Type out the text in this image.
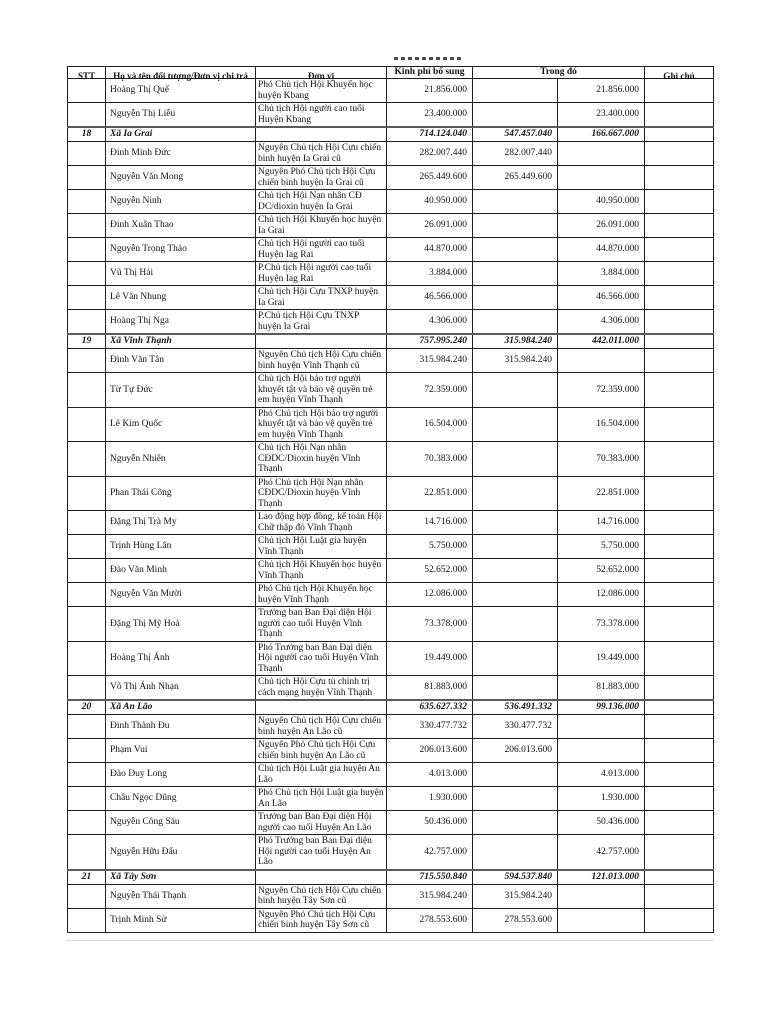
STT	Họ và tên đối tượng/Đơn vị chi trả	Đơn vị	Kinh phí bổ sung	Trong đó		Ghi chú

	Hoàng Thị Quế	Phó Chủ tịch Hội Khuyến học huyện Kbang	21.856.000		21.856.000	
	Nguyễn Thị Liễu	Chủ tịch Hội người cao tuổi Huyện Kbang	23.400.000		23.400.000	
18	Xã Ia Grai		714.124.040	547.457.040	166.667.000	
	Đinh Minh Đức	Nguyên Chủ tịch Hội Cựu chiến binh huyện Ia Grai cũ	282.007.440	282.007.440		
	Nguyễn Văn Mong	Nguyên Phó Chủ tịch Hội Cựu chiến binh huyện Ia Grai cũ	265.449.600	265.449.600		
	Nguyễn Ninh	Chủ tịch Hội Nạn nhân CĐ DC/dioxin huyện Ia Grai	40.950.000		40.950.000	
	Đinh Xuân Thao	Chủ tịch Hội Khuyến học huyện Ia Grai	26.091.000		26.091.000	
	Nguyễn Trọng Thảo	Chủ tịch Hội người cao tuổi Huyện Iag Rai	44.870.000		44.870.000	
	Vũ Thị Hải	P.Chủ tịch Hội người cao tuổi Huyện Iag Rai	3.884.000		3.884.000	
	Lê Văn Nhung	Chủ tịch Hội Cựu TNXP huyện Ia Grai	46.566.000		46.566.000	
	Hoàng Thị Nga	P.Chủ tịch Hội Cựu TNXP huyện Ia Grai	4.306.000		4.306.000	
19	Xã Vĩnh Thạnh		757.995.240	315.984.240	442.011.000	
	Đinh Văn Tân	Nguyên Chủ tịch Hội Cựu chiến binh huyện Vĩnh Thạnh cũ	315.984.240	315.984.240		
	Từ Tự Đức	Chủ tịch Hội bảo trợ người khuyết tật và bảo vệ quyền trẻ em huyện Vĩnh Thạnh	72.359.000		72.359.000	
	Lê Kim Quốc	Phó Chủ tịch Hội bảo trợ người khuyết tật và bảo vệ quyền trẻ em huyện Vĩnh Thạnh	16.504.000		16.504.000	
	Nguyễn Nhiên	Chủ tịch Hội Nạn nhân CĐDC/Dioxin huyện Vĩnh Thạnh	70.383.000		70.383.000	
	Phan Thái Công	Phó Chủ tịch Hội Nạn nhân CĐDC/Dioxin huyện Vĩnh Thạnh	22.851.000		22.851.000	
	Đặng Thị Trà My	Lao động hợp đồng, kế toán Hội Chữ thập đỏ Vĩnh Thạnh	14.716.000		14.716.000	
	Trịnh Hùng Lân	Chủ tịch Hội Luật gia huyện Vĩnh Thạnh	5.750.000		5.750.000	
	Đào Văn Minh	Chủ tịch Hội Khuyến học huyện Vĩnh Thạnh	52.652.000		52.652.000	
	Nguyễn Văn Mười	Phó Chủ tịch Hội Khuyến học huyện Vĩnh Thạnh	12.086.000		12.086.000	
	Đặng Thị Mỹ Hoà	Trưởng ban Ban Đại diện Hội người cao tuổi Huyện Vĩnh Thạnh	73.378.000		73.378.000	
	Hoàng Thị Ánh	Phó Trưởng ban Ban Đại diện Hội người cao tuổi Huyện Vĩnh Thạnh	19.449.000		19.449.000	
	Võ Thị Ánh Nhạn	Chủ tịch Hội Cựu tù chính trị cách mạng huyện Vĩnh Thạnh	81.883.000		81.883.000	
20	Xã An Lão		635.627.332	536.491.332	99.136.000	
	Đinh Thành Đu	Nguyên Chủ tịch Hội Cựu chiến binh huyện An Lão cũ	330.477.732	330.477.732		
	Phạm Vui	Nguyên Phó Chủ tịch Hội Cựu chiến binh huyện An Lão cũ	206.013.600	206.013.600		
	Đào Duy Long	Chủ tịch Hội Luật gia huyện An Lão	4.013.000		4.013.000	
	Châu Ngọc Dũng	Phó Chủ tịch Hội Luật gia huyện An Lão	1.930.000		1.930.000	
	Nguyễn Công Sáu	Trưởng ban Ban Đại diện Hội người cao tuổi Huyện An Lão	50.436.000		50.436.000	
	Nguyễn Hữu Đấu	Phó Trưởng ban Ban Đại diện Hội người cao tuổi Huyện An Lão	42.757.000		42.757.000	
21	Xã Tây Sơn		715.550.840	594.537.840	121.013.000	
	Nguyễn Thái Thạnh	Nguyên Chủ tịch Hội Cựu chiến binh huyện Tây Sơn cũ	315.984.240	315.984.240		
	Trịnh Minh Sử	Nguyên Phó Chủ tịch Hội Cựu chiến binh huyện Tây Sơn cũ	278.553.600	278.553.600		
